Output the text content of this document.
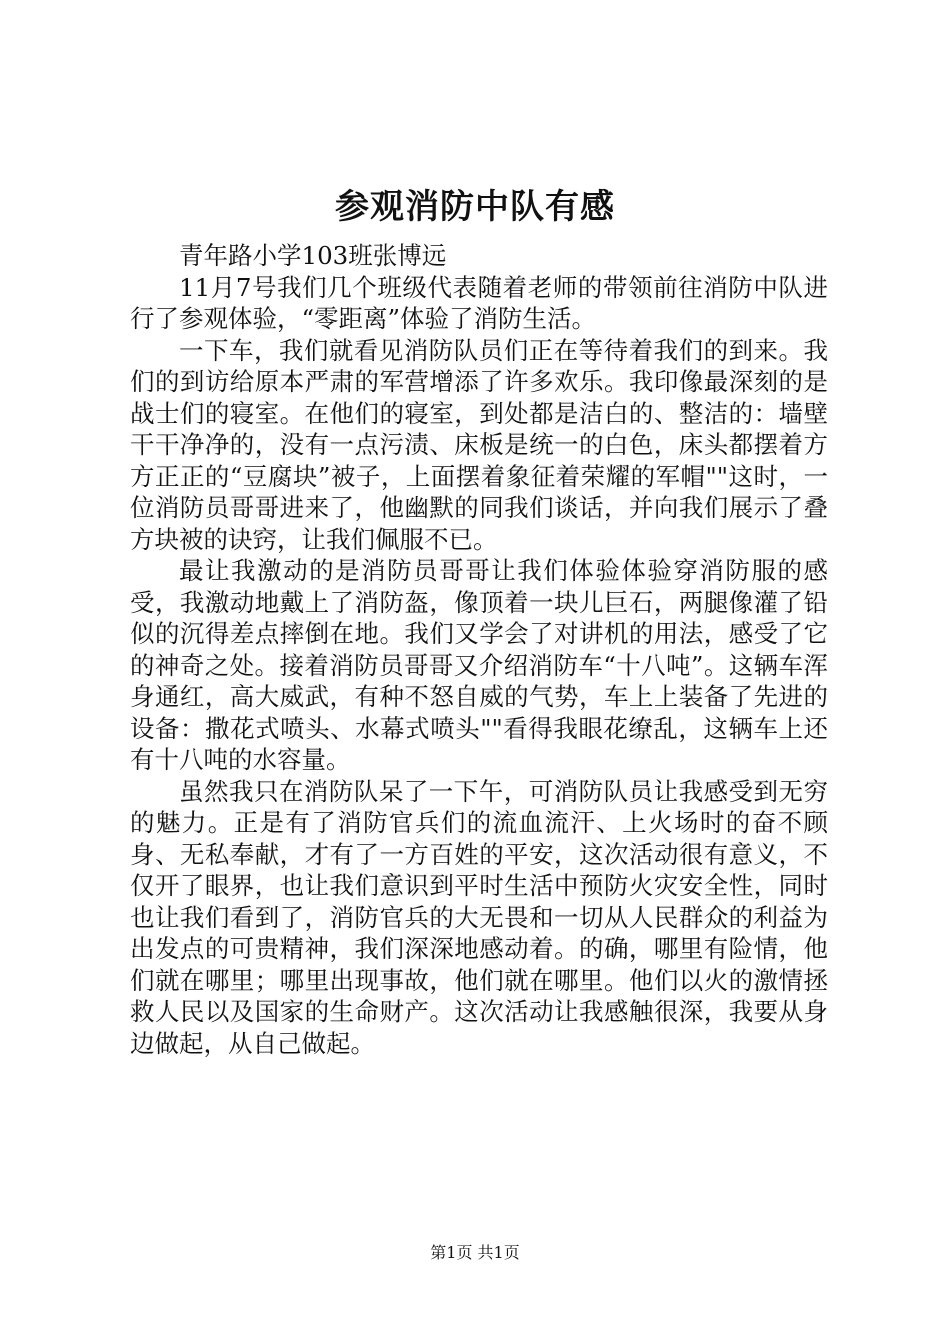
参观消防中队有感

青年路小学103班张博远

11月7号我们几个班级代表随着老师的带领前往消防中队进行了参观体验，“零距离”体验了消防生活。

一下车，我们就看见消防队员们正在等待着我们的到来。我们的到访给原本严肃的军营增添了许多欢乐。我印像最深刻的是战士们的寝室。在他们的寝室，到处都是洁白的、整洁的：墙壁干干净净的，没有一点污渍、床板是统一的白色，床头都摆着方方正正的“豆腐块”被子，上面摆着象征着荣耀的军帽""这时，一位消防员哥哥进来了，他幽默的同我们谈话，并向我们展示了叠方块被的诀窍，让我们佩服不已。

最让我激动的是消防员哥哥让我们体验体验穿消防服的感受，我激动地戴上了消防盔，像顶着一块儿巨石，两腿像灌了铅似的沉得差点摔倒在地。我们又学会了对讲机的用法，感受了它的神奇之处。接着消防员哥哥又介绍消防车“十八吨”。这辆车浑身通红，高大威武，有种不怒自威的气势，车上上装备了先进的设备：撒花式喷头、水幕式喷头""看得我眼花缭乱，这辆车上还有十八吨的水容量。

虽然我只在消防队呆了一下午，可消防队员让我感受到无穷的魅力。正是有了消防官兵们的流血流汗、上火场时的奋不顾身、无私奉献，才有了一方百姓的平安，这次活动很有意义，不仅开了眼界，也让我们意识到平时生活中预防火灾安全性，同时也让我们看到了，消防官兵的大无畏和一切从人民群众的利益为出发点的可贵精神，我们深深地感动着。的确，哪里有险情，他们就在哪里；哪里出现事故，他们就在哪里。他们以火的激情拯救人民以及国家的生命财产。这次活动让我感触很深，我要从身边做起，从自己做起。

第1页 共1页
